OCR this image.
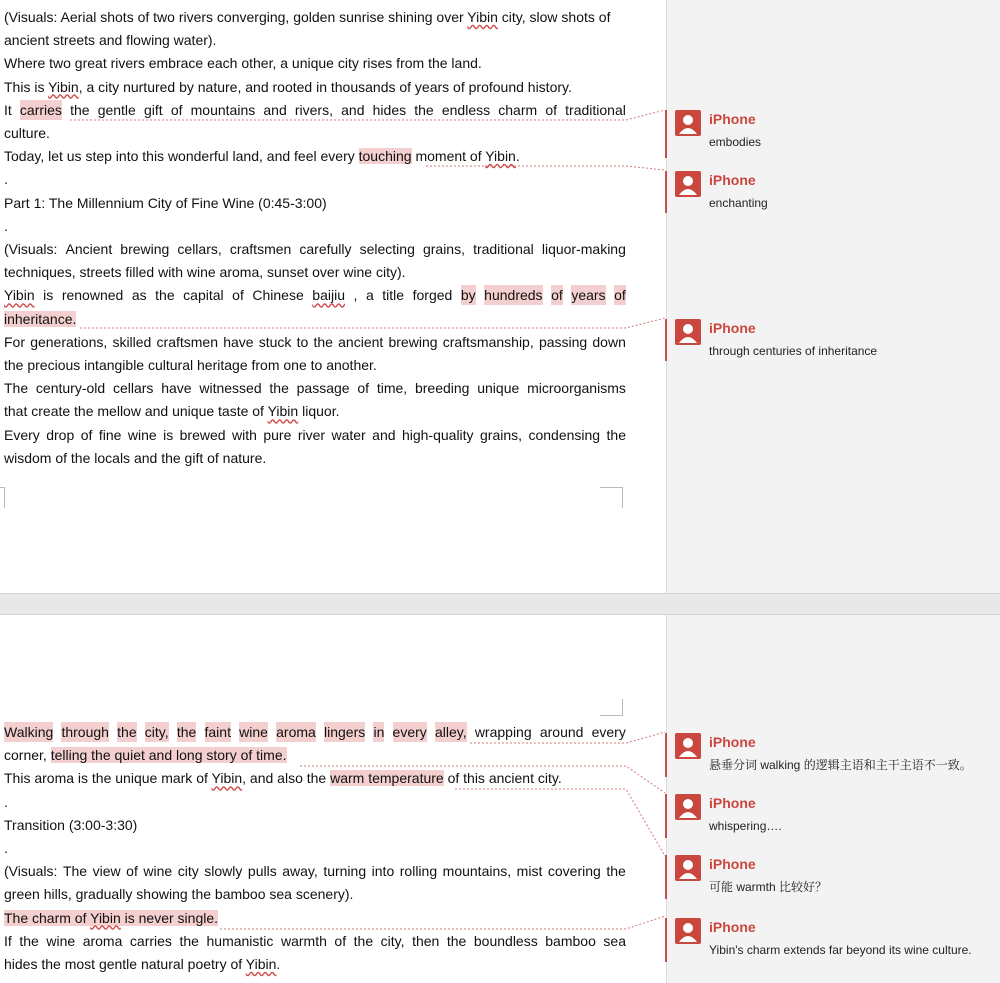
(Visuals: Aerial shots of two rivers converging, golden sunrise shining over Yibin city, slow shots of
ancient streets and flowing water).
Where two great rivers embrace each other, a unique city rises from the land.
This is Yibin, a city nurtured by nature, and rooted in thousands of years of profound history.
It carries the gentle gift of mountains and rivers, and hides the endless charm of traditional
culture.
Today, let us step into this wonderful land, and feel every touching moment of Yibin.
.
Part 1: The Millennium City of Fine Wine (0:45-3:00)
.
(Visuals: Ancient brewing cellars, craftsmen carefully selecting grains, traditional liquor-making
techniques, streets filled with wine aroma, sunset over wine city).
Yibin is renowned as the capital of Chinese baijiu , a title forged by hundreds of years of
inheritance.
For generations, skilled craftsmen have stuck to the ancient brewing craftsmanship, passing down
the precious intangible cultural heritage from one to another.
The century-old cellars have witnessed the passage of time, breeding unique microorganisms
that create the mellow and unique taste of Yibin liquor.
Every drop of fine wine is brewed with pure river water and high-quality grains, condensing the
wisdom of the locals and the gift of nature.
Walking through the city, the faint wine aroma lingers in every alley, wrapping around every
corner, telling the quiet and long story of time.
This aroma is the unique mark of Yibin, and also the warm temperature of this ancient city.
.
Transition (3:00-3:30)
.
(Visuals: The view of wine city slowly pulls away, turning into rolling mountains, mist covering the
green hills, gradually showing the bamboo sea scenery).
The charm of Yibin is never single.
If the wine aroma carries the humanistic warmth of the city, then the boundless bamboo sea
hides the most gentle natural poetry of Yibin.
iPhone
embodies
iPhone
enchanting
iPhone
through centuries of inheritance
iPhone
悬垂分词 walking 的逻辑主语和主干主语不一致。
iPhone
whispering….
iPhone
可能 warmth 比较好？
iPhone
Yibin's charm extends far beyond its wine culture.
